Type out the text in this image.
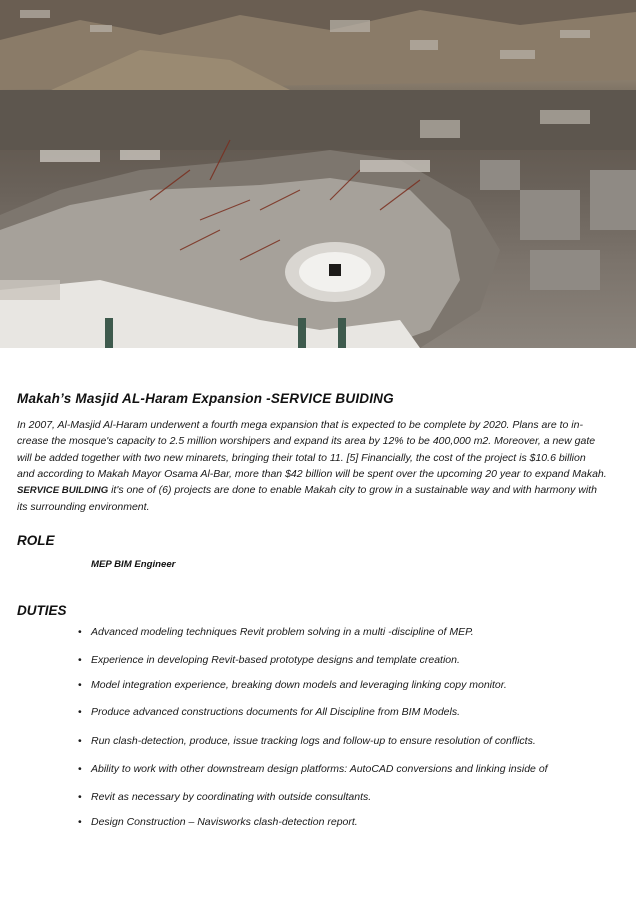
Makah’s Masjid AL-Haram Expansion -SERVICE BUIDING
In 2007, Al-Masjid Al-Haram underwent a fourth mega expansion that is expected to be complete by 2020. Plans are to in-
crease the mosque's capacity to 2.5 million worshipers and expand its area by 12% to be 400,000 m2. Moreover, a new gate
will be added together with two new minarets, bringing their total to 11. [5] Financially, the cost of the project is $10.6 billion
and according to Makah Mayor Osama Al-Bar, more than $42 billion will be spent over the upcoming 20 year to expand Makah.
SERVICE BUILDING it's one of (6) projects are done to enable Makah city to grow in a sustainable way and with harmony with
its surrounding environment.
ROLE
MEP BIM Engineer
DUTIES
• Advanced modeling techniques Revit problem solving in a multi -discipline of MEP.
• Experience in developing Revit-based prototype designs and template creation.
• Model integration experience, breaking down models and leveraging linking copy monitor.
• Produce advanced constructions documents for All Discipline from BIM Models.
• Run clash-detection, produce, issue tracking logs and follow-up to ensure resolution of conflicts.
• Ability to work with other downstream design platforms: AutoCAD conversions and linking inside of
• Revit as necessary by coordinating with outside consultants.
• Design Construction – Navisworks clash-detection report.
